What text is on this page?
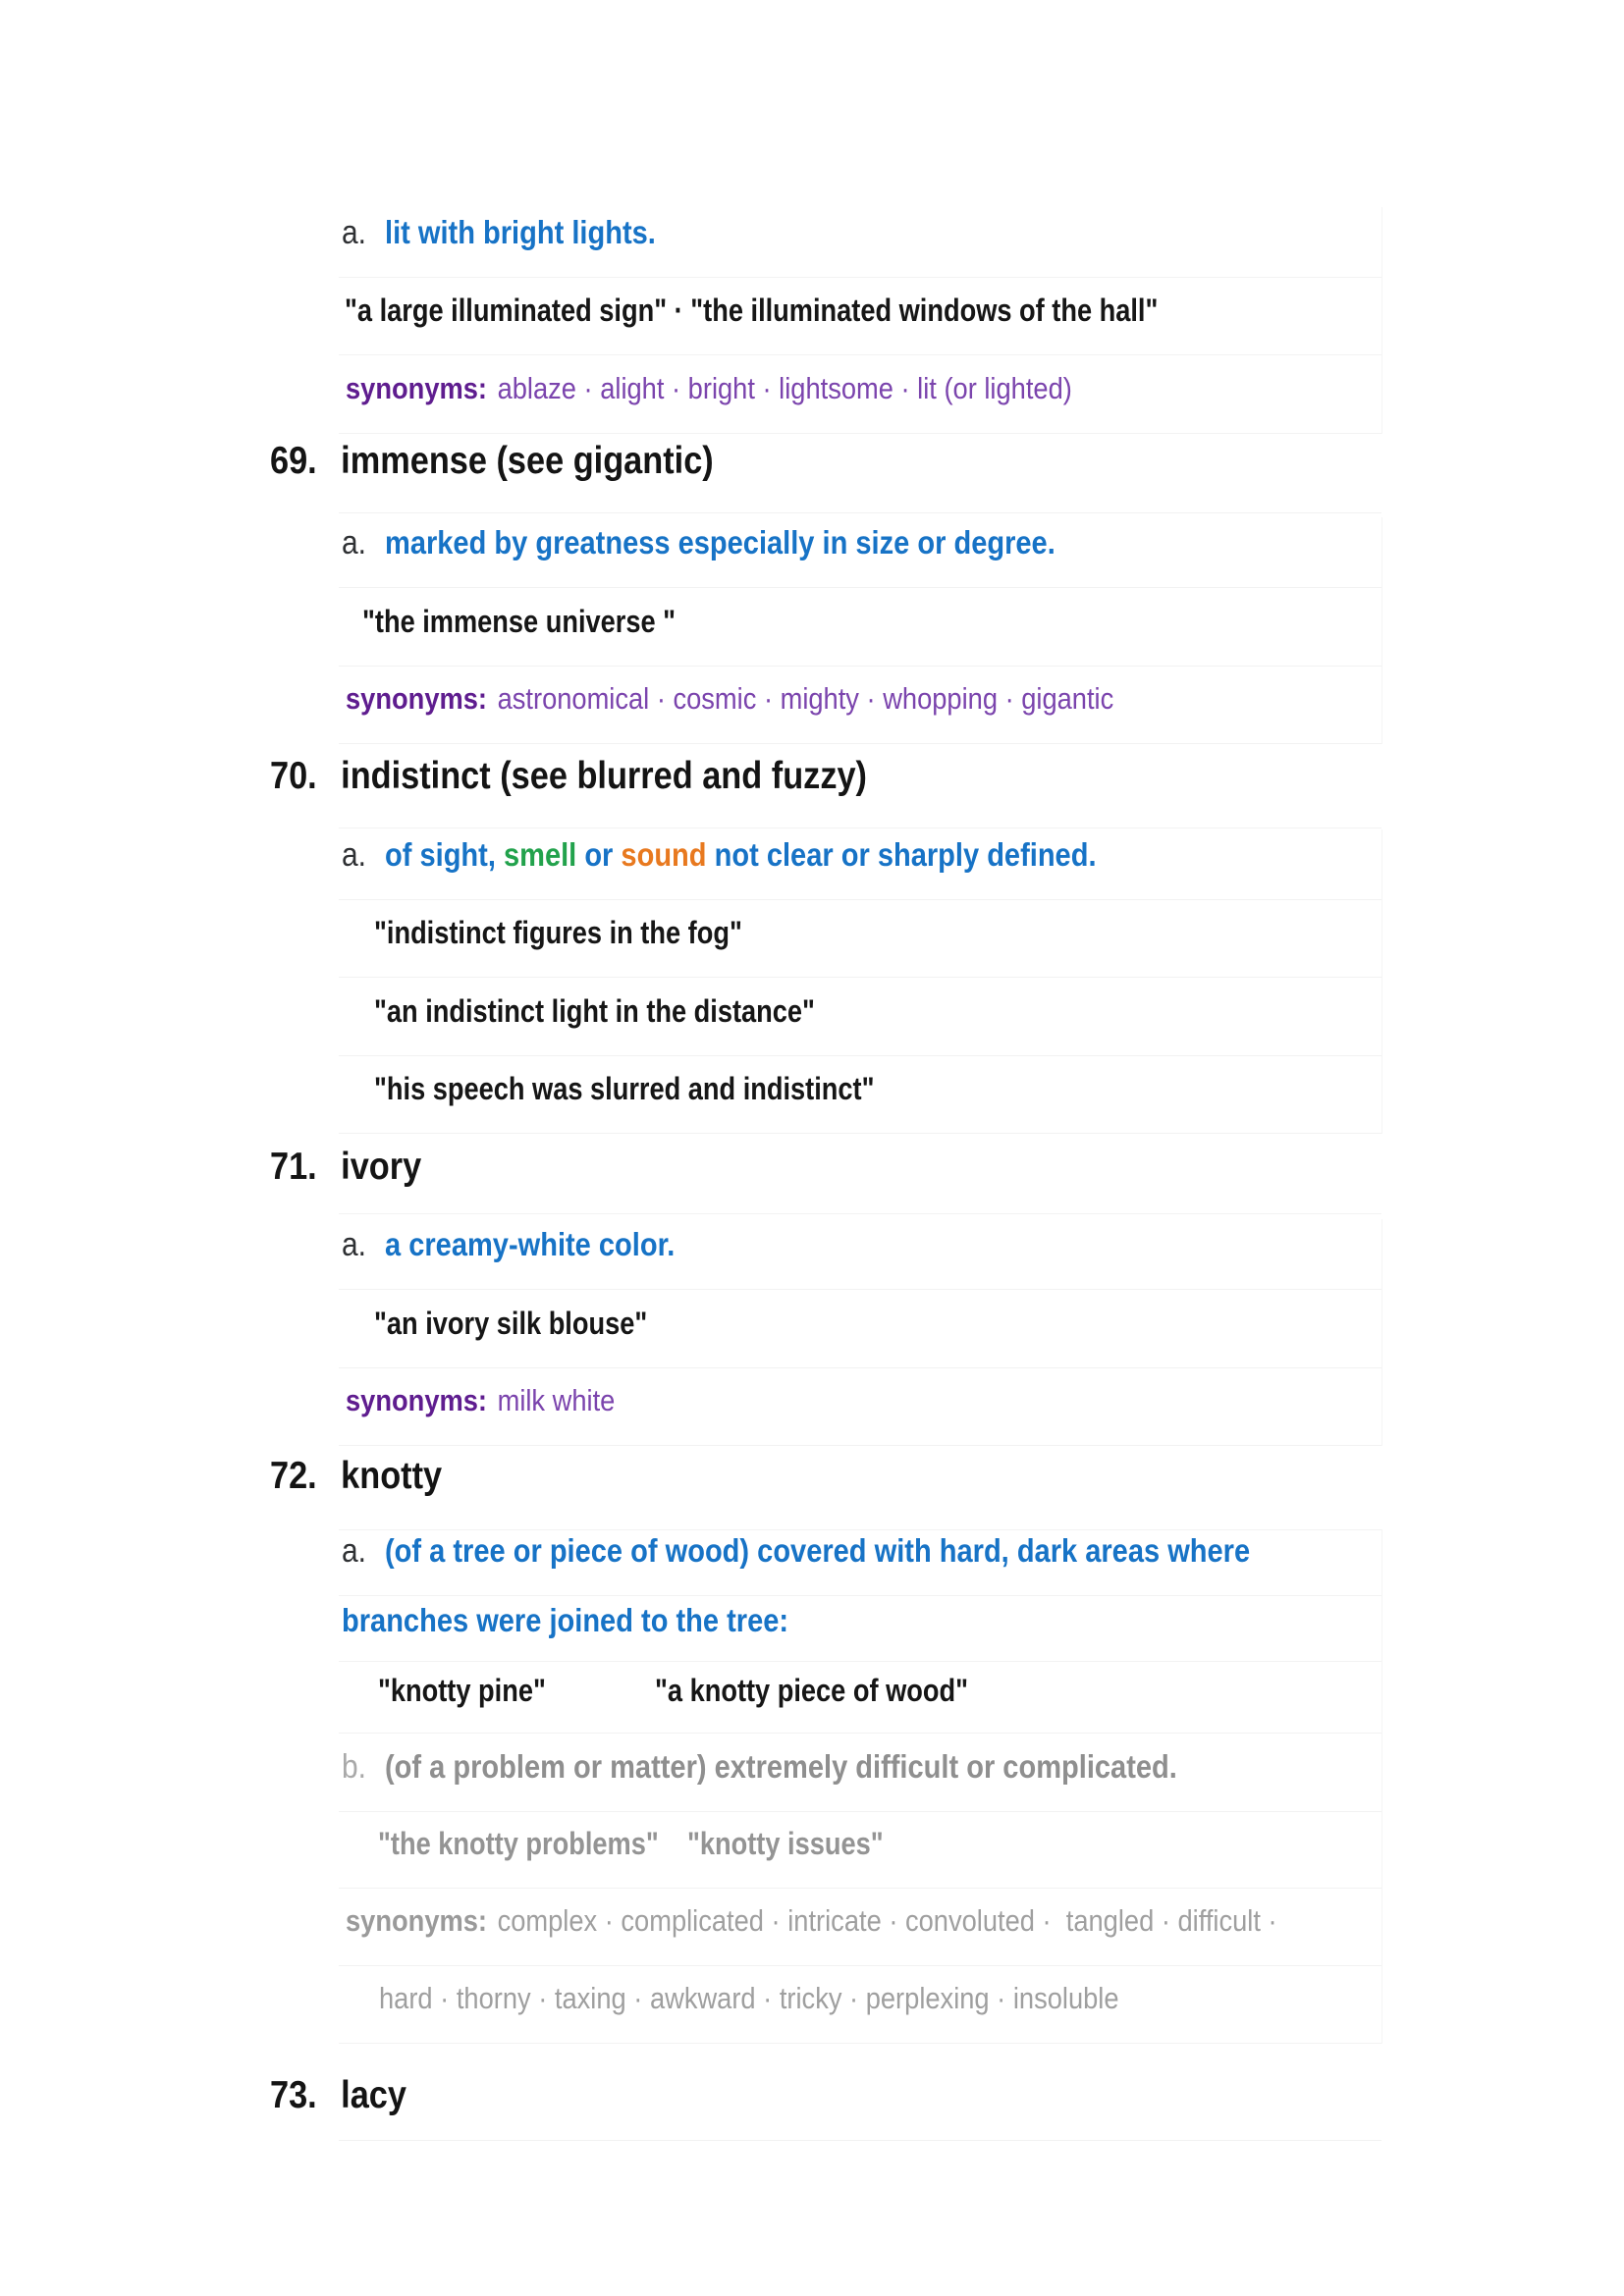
a. lit with bright lights.
"a large illuminated sign" · "the illuminated windows of the hall"
synonyms: ablaze · alight · bright · lightsome · lit (or lighted)
69. immense (see gigantic)
a. marked by greatness especially in size or degree.
"the immense universe "
synonyms: astronomical · cosmic · mighty · whopping · gigantic
70. indistinct (see blurred and fuzzy)
a. of sight, smell or sound not clear or sharply defined.
"indistinct figures in the fog"
"an indistinct light in the distance"
"his speech was slurred and indistinct"
71. ivory
a. a creamy-white color.
"an ivory silk blouse"
synonyms: milk white
72. knotty
a. (of a tree or piece of wood) covered with hard, dark areas where
branches were joined to the tree:
"knotty pine"	"a knotty piece of wood"
b. (of a problem or matter) extremely difficult or complicated.
"the knotty problems" "knotty issues"
synonyms: complex · complicated · intricate · convoluted ·  tangled · difficult ·
hard · thorny · taxing · awkward · tricky · perplexing · insoluble
73. lacy
